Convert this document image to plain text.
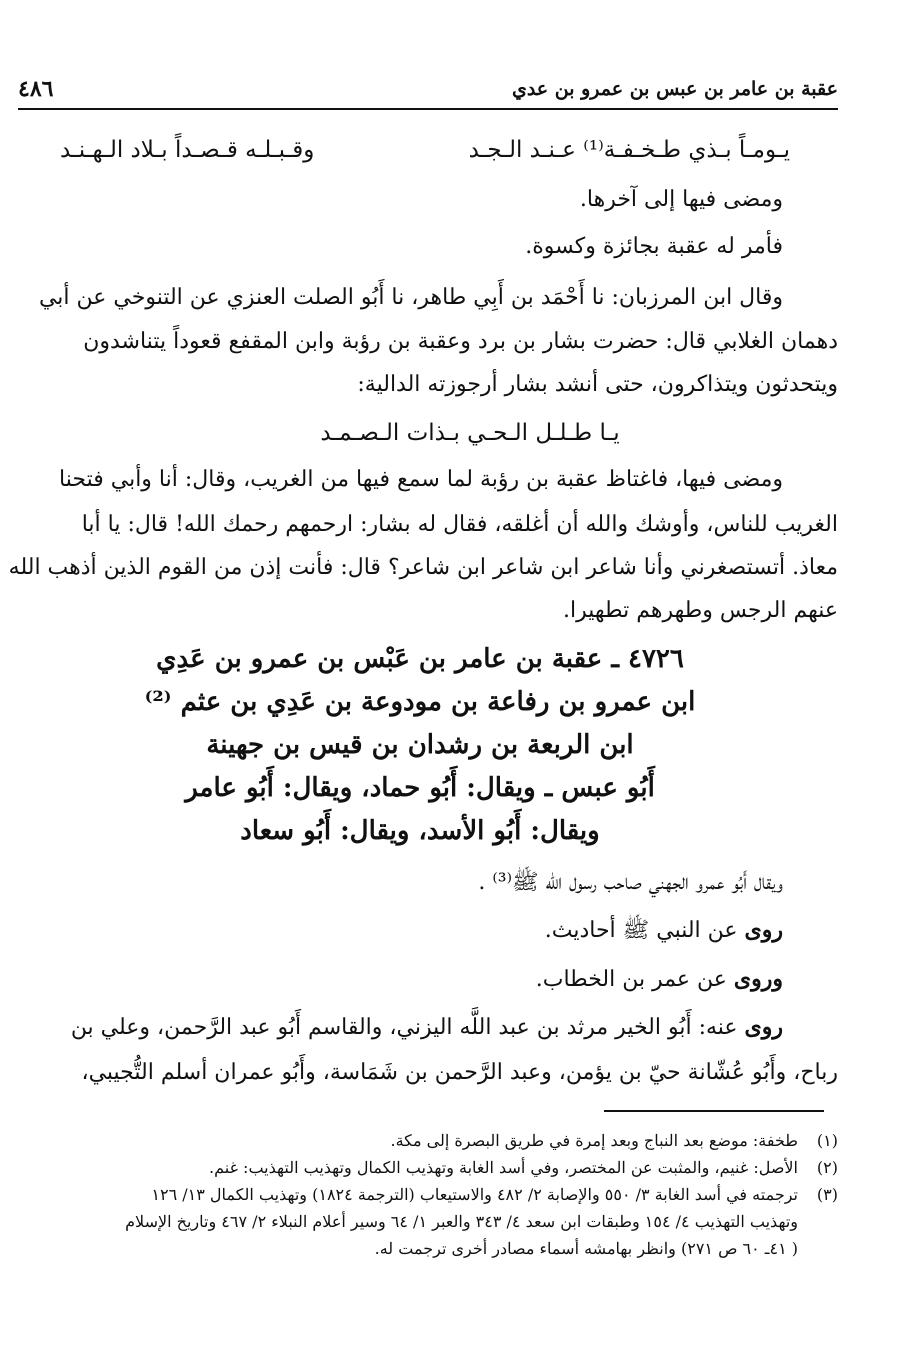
عقبة بن عامر بن عبس بن عمرو بن عدي
٤٨٦
يـومـاً بـذي طـخـفـة⁽¹⁾ عـنـد الـجـد
وقـبـلـه قـصـداً بـلاد الـهـنـد
ومضى فيها إلى آخرها.
فأمر له عقبة بجائزة وكسوة.
وقال ابن المرزبان: نا أَحْمَد بن أَبِي طاهر، نا أَبُو الصلت العنزي عن التنوخي عن أبي
دهمان الغلابي قال: حضرت بشار بن برد وعقبة بن رؤبة وابن المقفع قعوداً يتناشدون
ويتحدثون ويتذاكرون، حتى أنشد بشار أرجوزته الدالية:
يـا طـلـل الـحـي بـذات الـصـمـد
ومضى فيها، فاغتاظ عقبة بن رؤبة لما سمع فيها من الغريب، وقال: أنا وأبي فتحنا
الغريب للناس، وأوشك والله أن أغلقه، فقال له بشار: ارحمهم رحمك الله! قال: يا أبا
معاذ. أتستصغرني وأنا شاعر ابن شاعر ابن شاعر؟ قال: فأنت إذن من القوم الذين أذهب الله
عنهم الرجس وطهرهم تطهيرا.
٤٧٢٦ ـ عقبة بن عامر بن عَبْس بن عمرو بن عَدِي
ابن عمرو بن رفاعة بن مودوعة بن عَدِي بن عثم ⁽²⁾
ابن الربعة بن رشدان بن قيس بن جهينة
أَبُو عبس ـ ويقال: أَبُو حماد، ويقال: أَبُو عامر
ويقال: أَبُو الأسد، ويقال: أَبُو سعاد
ويقال أَبُو عمرو الجهني صاحب رسول الله ﷺ⁽³⁾ .
روى عن النبي ﷺ أحاديث.
وروى عن عمر بن الخطاب.
روى عنه: أَبُو الخير مرثد بن عبد اللَّه اليزني، والقاسم أَبُو عبد الرَّحمن، وعلي بن
رباح، وأَبُو عُشّانة حيّ بن يؤمن، وعبد الرَّحمن بن شَمَاسة، وأَبُو عمران أسلم التُّجيبي،
(١)طخفة: موضع بعد النباج وبعد إمرة في طريق البصرة إلى مكة.
(٢)الأصل: غنيم، والمثبت عن المختصر، وفي أسد الغابة وتهذيب الكمال وتهذيب التهذيب: غنم.
(٣)ترجمته في أسد الغابة ٣/ ٥٥٠ والإصابة ٢/ ٤٨٢ والاستيعاب (الترجمة ١٨٢٤) وتهذيب الكمال ١٣/ ١٢٦
وتهذيب التهذيب ٤/ ١٥٤ وطبقات ابن سعد ٤/ ٣٤٣ والعبر ١/ ٦٤ وسير أعلام النبلاء ٢/ ٤٦٧ وتاريخ الإسلام
( ٤١ـ ٦٠ ص ٢٧١) وانظر بهامشه أسماء مصادر أخرى ترجمت له.
